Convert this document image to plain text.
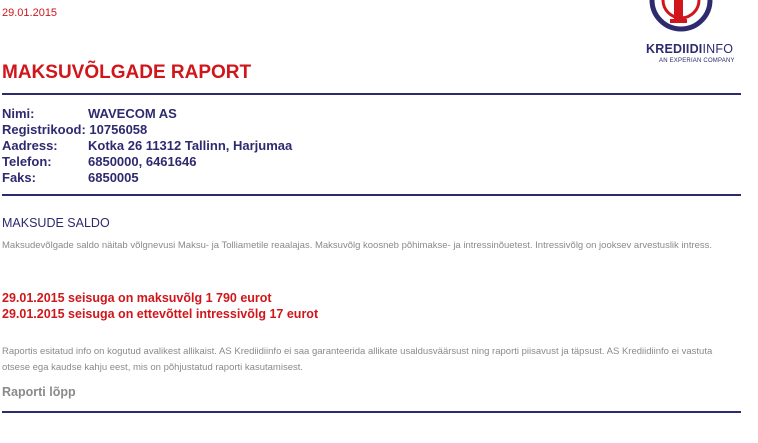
29.01.2015
KREDIIDIINFO
AN EXPERIAN COMPANY
MAKSUVÕLGADE RAPORT
Nimi:	WAVECOM AS
Registrikood: 10756058
Aadress: Kotka 26 11312 Tallinn, Harjumaa
Telefon:	6850000, 6461646
Faks:	6850005
MAKSUDE SALDO
Maksudevõlgade saldo näitab võlgnevusi Maksu- ja Tolliametile reaalajas. Maksuvõlg koosneb põhimakse- ja intressinõuetest. Intressivõlg on jooksev arvestuslik intress.
29.01.2015 seisuga on maksuvõlg 1 790 eurot
29.01.2015 seisuga on ettevõttel intressivõlg 17 eurot
Raportis esitatud info on kogutud avalikest allikaist. AS Krediidiinfo ei saa garanteerida allikate usaldusväärsust ning raporti piisavust ja täpsust. AS Krediidiinfo ei vastuta otsese ega kaudse kahju eest, mis on põhjustatud raporti kasutamisest.
Raporti lõpp
